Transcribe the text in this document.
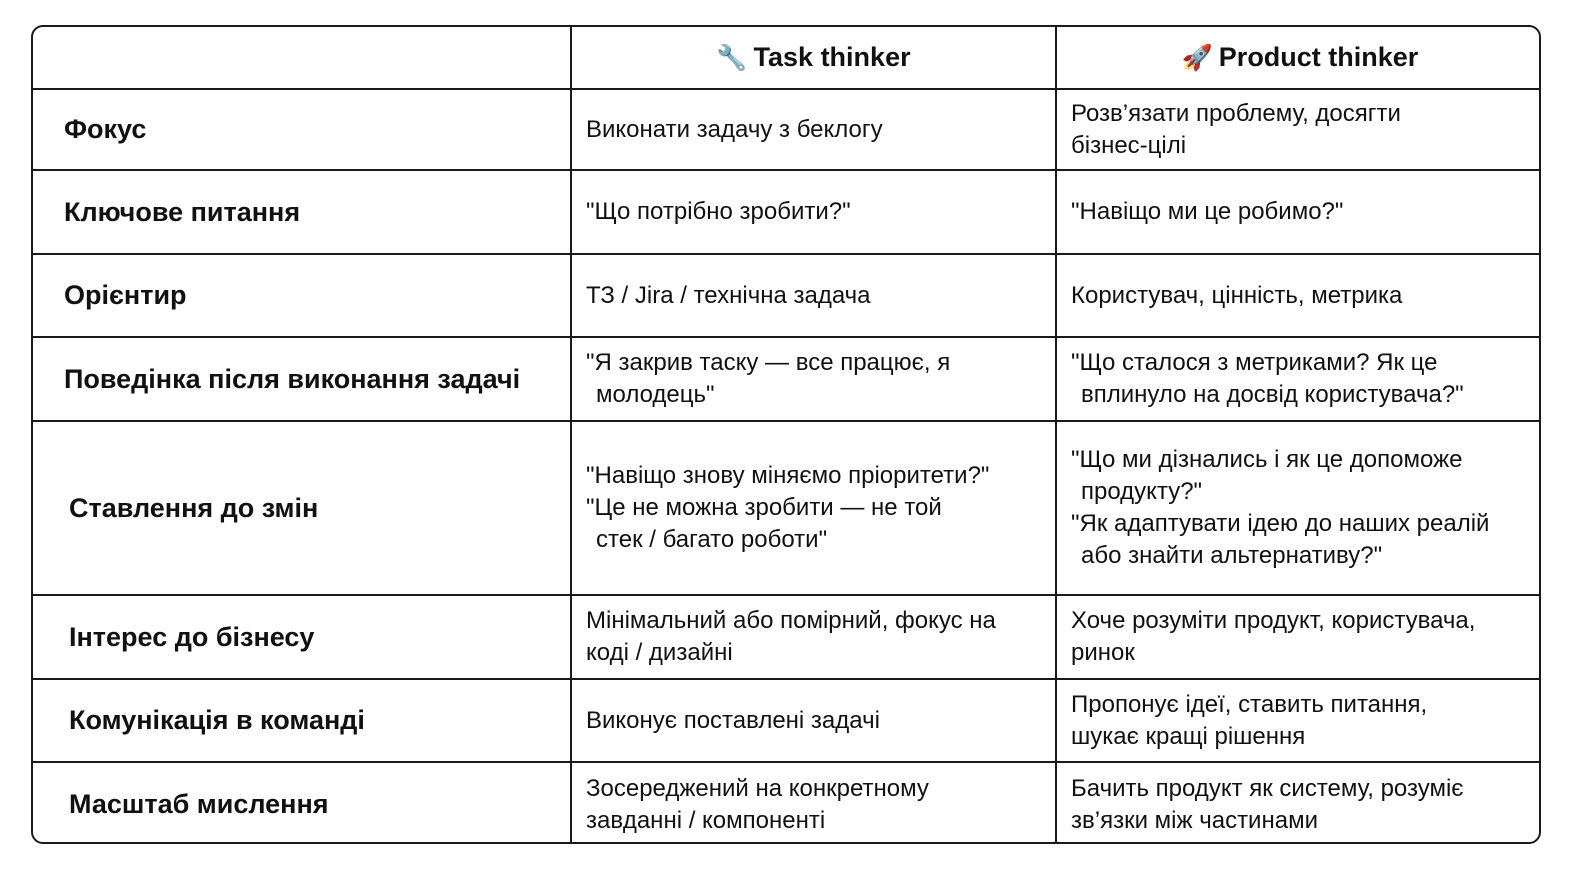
	🔧 Task thinker	🚀 Product thinker
Фокус	Виконати задачу з беклогу	Розв’язати проблему, досягти
бізнес-цілі

Ключове питання	"Що потрібно зробити?"	"Навіщо ми це робимо?"

Орієнтир	ТЗ / Jira / технічна задача	Користувач, цінність, метрика

Поведінка після виконання задачі	"Я закрив таску — все працює, я
молодець"	"Що сталося з метриками? Як це
вплинуло на досвід користувача?"

Ставлення до змін	"Навіщо знову міняємо пріоритети?"
"Це не можна зробити — не той
стек / багато роботи"	"Що ми дізнались і як це допоможе
продукту?"
"Як адаптувати ідею до наших реалій
або знайти альтернативу?"

Інтерес до бізнесу	Мінімальний або помірний, фокус на
коді / дизайні	Хоче розуміти продукт, користувача,
ринок

Комунікація в команді	Виконує поставлені задачі	Пропонує ідеї, ставить питання,
шукає кращі рішення

Масштаб мислення	Зосереджений на конкретному
завданні / компоненті	Бачить продукт як систему, розуміє
зв’язки між частинами
